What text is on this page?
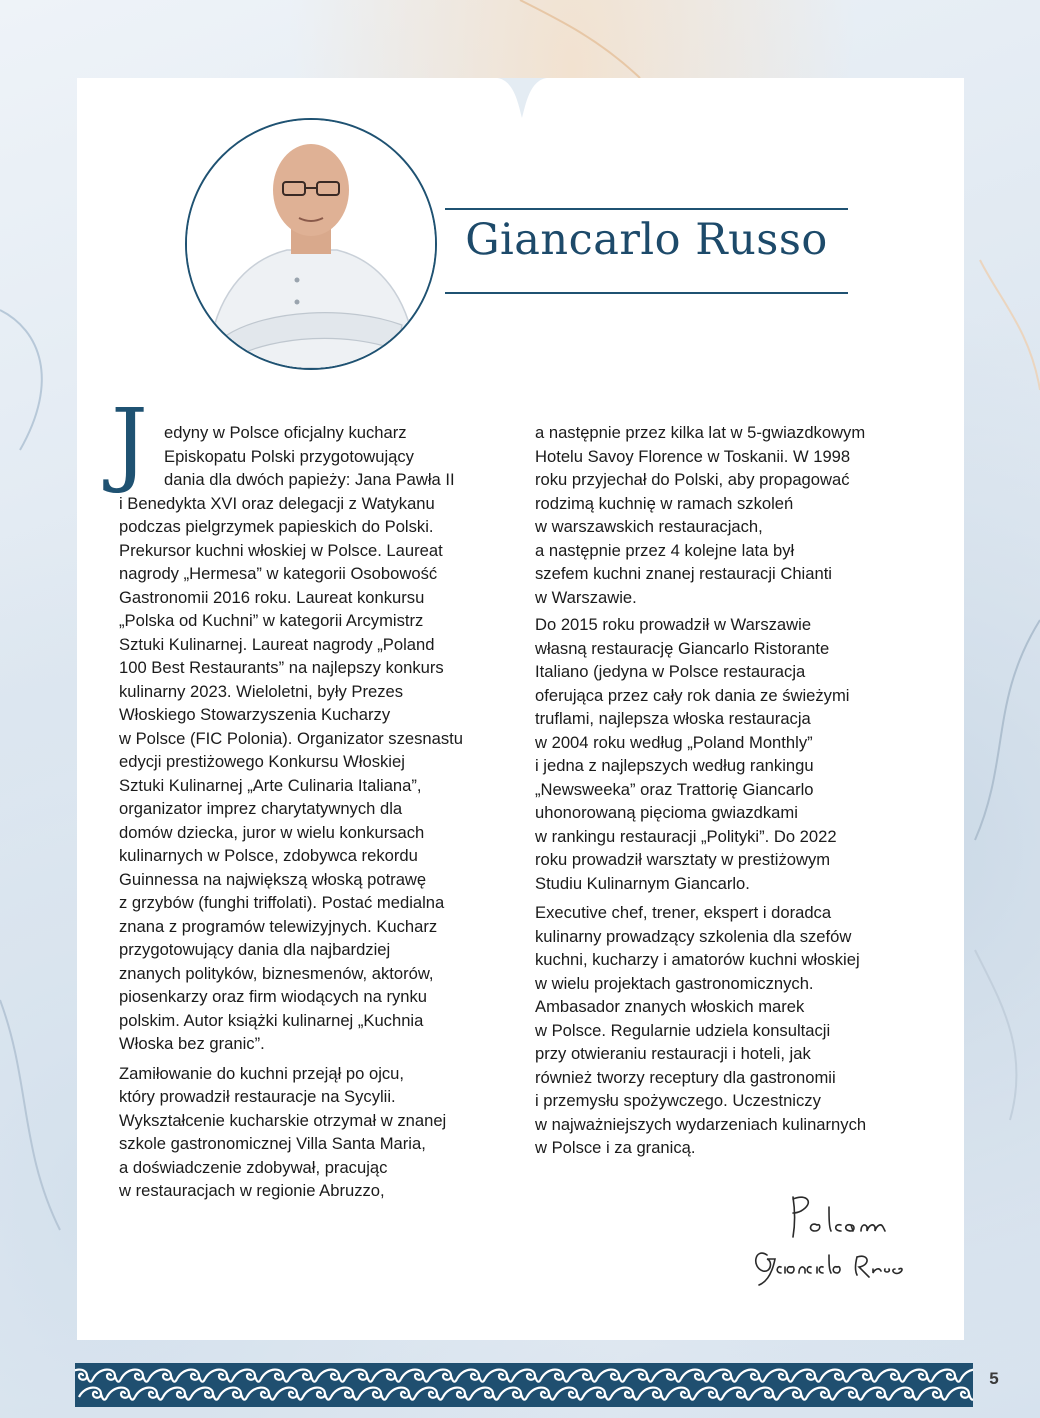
Giancarlo Russo
J edyny w Polsce oficjalny kucharz

Episkopatu Polski przygotowujący

dania dla dwóch papieży: Jana Pawła II

i Benedykta XVI oraz delegacji z Watykanu

podczas pielgrzymek papieskich do Polski.

Prekursor kuchni włoskiej w Polsce. Laureat

nagrody „Hermesa” w kategorii Osobowość

Gastronomii 2016 roku. Laureat konkursu

„Polska od Kuchni” w kategorii Arcymistrz

Sztuki Kulinarnej. Laureat nagrody „Poland

100 Best Restaurants” na najlepszy konkurs

kulinarny 2023. Wieloletni, były Prezes

Włoskiego Stowarzyszenia Kucharzy

w Polsce (FIC Polonia). Organizator szesnastu

edycji prestiżowego Konkursu Włoskiej

Sztuki Kulinarnej „Arte Culinaria Italiana”,

organizator imprez charytatywnych dla

domów dziecka, juror w wielu konkursach

kulinarnych w Polsce, zdobywca rekordu

Guinnessa na największą włoską potrawę

z grzybów (funghi triffolati). Postać medialna

znana z programów telewizyjnych. Kucharz

przygotowujący dania dla najbardziej

znanych polityków, biznesmenów, aktorów,

piosenkarzy oraz firm wiodących na rynku

polskim. Autor książki kulinarnej „Kuchnia

Włoska bez granic”.

Zamiłowanie do kuchni przejął po ojcu,

który prowadził restauracje na Sycylii.

Wykształcenie kucharskie otrzymał w znanej

szkole gastronomicznej Villa Santa Maria,

a doświadczenie zdobywał, pracując

w restauracjach w regionie Abruzzo,

a następnie przez kilka lat w 5-gwiazdkowym

Hotelu Savoy Florence w Toskanii. W 1998

roku przyjechał do Polski, aby propagować

rodzimą kuchnię w ramach szkoleń

w warszawskich restauracjach,

a następnie przez 4 kolejne lata był

szefem kuchni znanej restauracji Chianti

w Warszawie.

Do 2015 roku prowadził w Warszawie

własną restaurację Giancarlo Ristorante

Italiano (jedyna w Polsce restauracja

oferująca przez cały rok dania ze świeżymi

truflami, najlepsza włoska restauracja

w 2004 roku według „Poland Monthly”

i jedna z najlepszych według rankingu

„Newsweeka” oraz Trattorię Giancarlo

uhonorowaną pięcioma gwiazdkami

w rankingu restauracji „Polityki”. Do 2022

roku prowadził warsztaty w prestiżowym

Studiu Kulinarnym Giancarlo.

Executive chef, trener, ekspert i doradca

kulinarny prowadzący szkolenia dla szefów

kuchni, kucharzy i amatorów kuchni włoskiej

w wielu projektach gastronomicznych.

Ambasador znanych włoskich marek

w Polsce. Regularnie udziela konsultacji

przy otwieraniu restauracji i hoteli, jak

również tworzy receptury dla gastronomii

i przemysłu spożywczego. Uczestniczy

w najważniejszych wydarzeniach kulinarnych

w Polsce i za granicą.

5
